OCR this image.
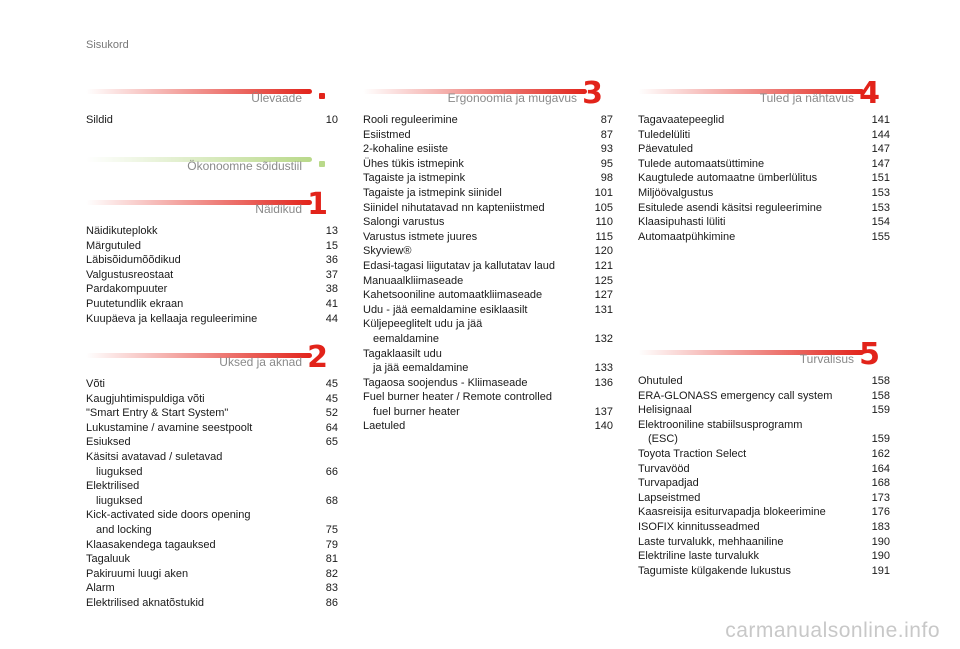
Sisukord
Ülevaade
Sildid	10
Ökonoomne sõidustiil
Näidikud 1
Näidikuteplokk	13
Märgutuled	15
Läbisõidumõõdikud	36
Valgustusreostaat	37
Pardakompuuter	38
Puutetundlik ekraan	41
Kuupäeva ja kellaaja reguleerimine	44
Uksed ja aknad 2
Võti	45
Kaugjuhtimispuldiga võti	45
"Smart Entry & Start System"	52
Lukustamine / avamine seestpoolt	64
Esiuksed	65
Käsitsi avatavad / suletavad
liuguksed	66
Elektrilised
liuguksed	68
Kick-activated side doors opening
and locking	75
Klaasakendega tagauksed	79
Tagaluuk	81
Pakiruumi luugi aken	82
Alarm	83
Elektrilised aknatõstukid	86
Ergonoomia ja mugavus 3
Rooli reguleerimine	87
Esiistmed	87
2-kohaline esiiste	93
Ühes tükis istmepink	95
Tagaiste ja istmepink	98
Tagaiste ja istmepink siinidel	101
Siinidel nihutatavad nn kapteniistmed	105
Salongi varustus	110
Varustus istmete juures	115
Skyview®	120
Edasi-tagasi liigutatav ja kallutatav laud	121
Manuaalkliimaseade	125
Kahetsooniline automaatkliimaseade	127
Udu - jää eemaldamine esiklaasilt	131
Küljepeeglitelt udu ja jää
eemaldamine	132
Tagaklaasilt udu
ja jää eemaldamine	133
Tagaosa soojendus - Kliimaseade	136
Fuel burner heater / Remote controlled
fuel burner heater	137
Laetuled	140
Tuled ja nähtavus 4
Tagavaatepeeglid	141
Tuledelüliti	144
Päevatuled	147
Tulede automaatsüttimine	147
Kaugtulede automaatne ümberlülitus	151
Miljöövalgustus	153
Esitulede asendi käsitsi reguleerimine	153
Klaasipuhasti lüliti	154
Automaatpühkimine	155
Turvalisus 5
Ohutuled	158
ERA-GLONASS emergency call system	158
Helisignaal	159
Elektrooniline stabiilsusprogramm
(ESC)	159
Toyota Traction Select	162
Turvavööd	164
Turvapadjad	168
Lapseistmed	173
Kaasreisija esiturvapadja blokeerimine	176
ISOFIX kinnitusseadmed	183
Laste turvalukk, mehhaaniline	190
Elektriline laste turvalukk	190
Tagumiste külgakende lukustus	191
carmanualsonline.info
